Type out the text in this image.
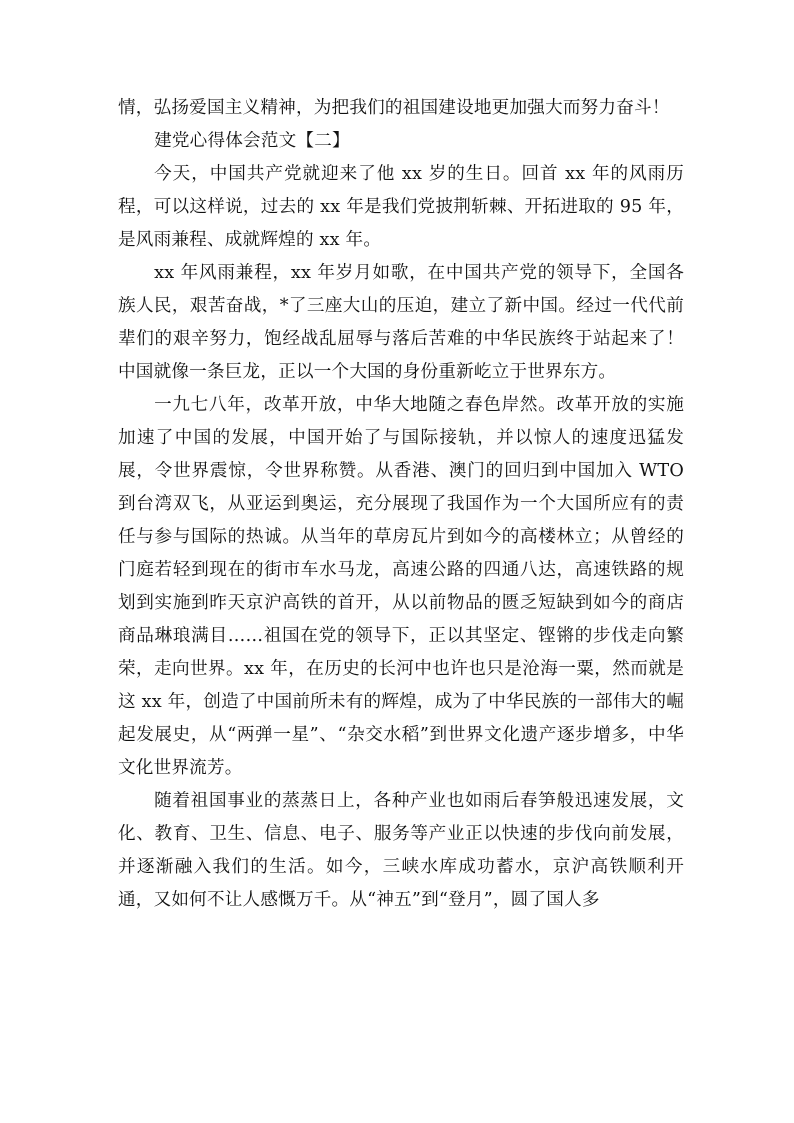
情，弘扬爱国主义精神，为把我们的祖国建设地更加强大而努力奋斗！

建党心得体会范文【二】

今天，中国共产党就迎来了他 xx 岁的生日。回首 xx 年的风雨历程，可以这样说，过去的 xx 年是我们党披荆斩棘、开拓进取的 95 年，是风雨兼程、成就辉煌的 xx 年。

xx 年风雨兼程，xx 年岁月如歌，在中国共产党的领导下，全国各族人民，艰苦奋战，*了三座大山的压迫，建立了新中国。经过一代代前辈们的艰辛努力，饱经战乱屈辱与落后苦难的中华民族终于站起来了！中国就像一条巨龙，正以一个大国的身份重新屹立于世界东方。

一九七八年，改革开放，中华大地随之春色岸然。改革开放的实施加速了中国的发展，中国开始了与国际接轨，并以惊人的速度迅猛发展，令世界震惊，令世界称赞。从香港、澳门的回归到中国加入 WTO 到台湾双飞，从亚运到奥运，充分展现了我国作为一个大国所应有的责任与参与国际的热诚。从当年的草房瓦片到如今的高楼林立；从曾经的门庭若轻到现在的街市车水马龙，高速公路的四通八达，高速铁路的规划到实施到昨天京沪高铁的首开，从以前物品的匮乏短缺到如今的商店商品琳琅满目……祖国在党的领导下，正以其坚定、铿锵的步伐走向繁荣，走向世界。xx 年，在历史的长河中也许也只是沧海一粟，然而就是这 xx 年，创造了中国前所未有的辉煌，成为了中华民族的一部伟大的崛起发展史，从“两弹一星”、“杂交水稻”到世界文化遗产逐步增多，中华文化世界流芳。

随着祖国事业的蒸蒸日上，各种产业也如雨后春笋般迅速发展，文化、教育、卫生、信息、电子、服务等产业正以快速的步伐向前发展，并逐渐融入我们的生活。如今，三峡水库成功蓄水，京沪高铁顺利开通，又如何不让人感慨万千。从“神五”到“登月”，圆了国人多
